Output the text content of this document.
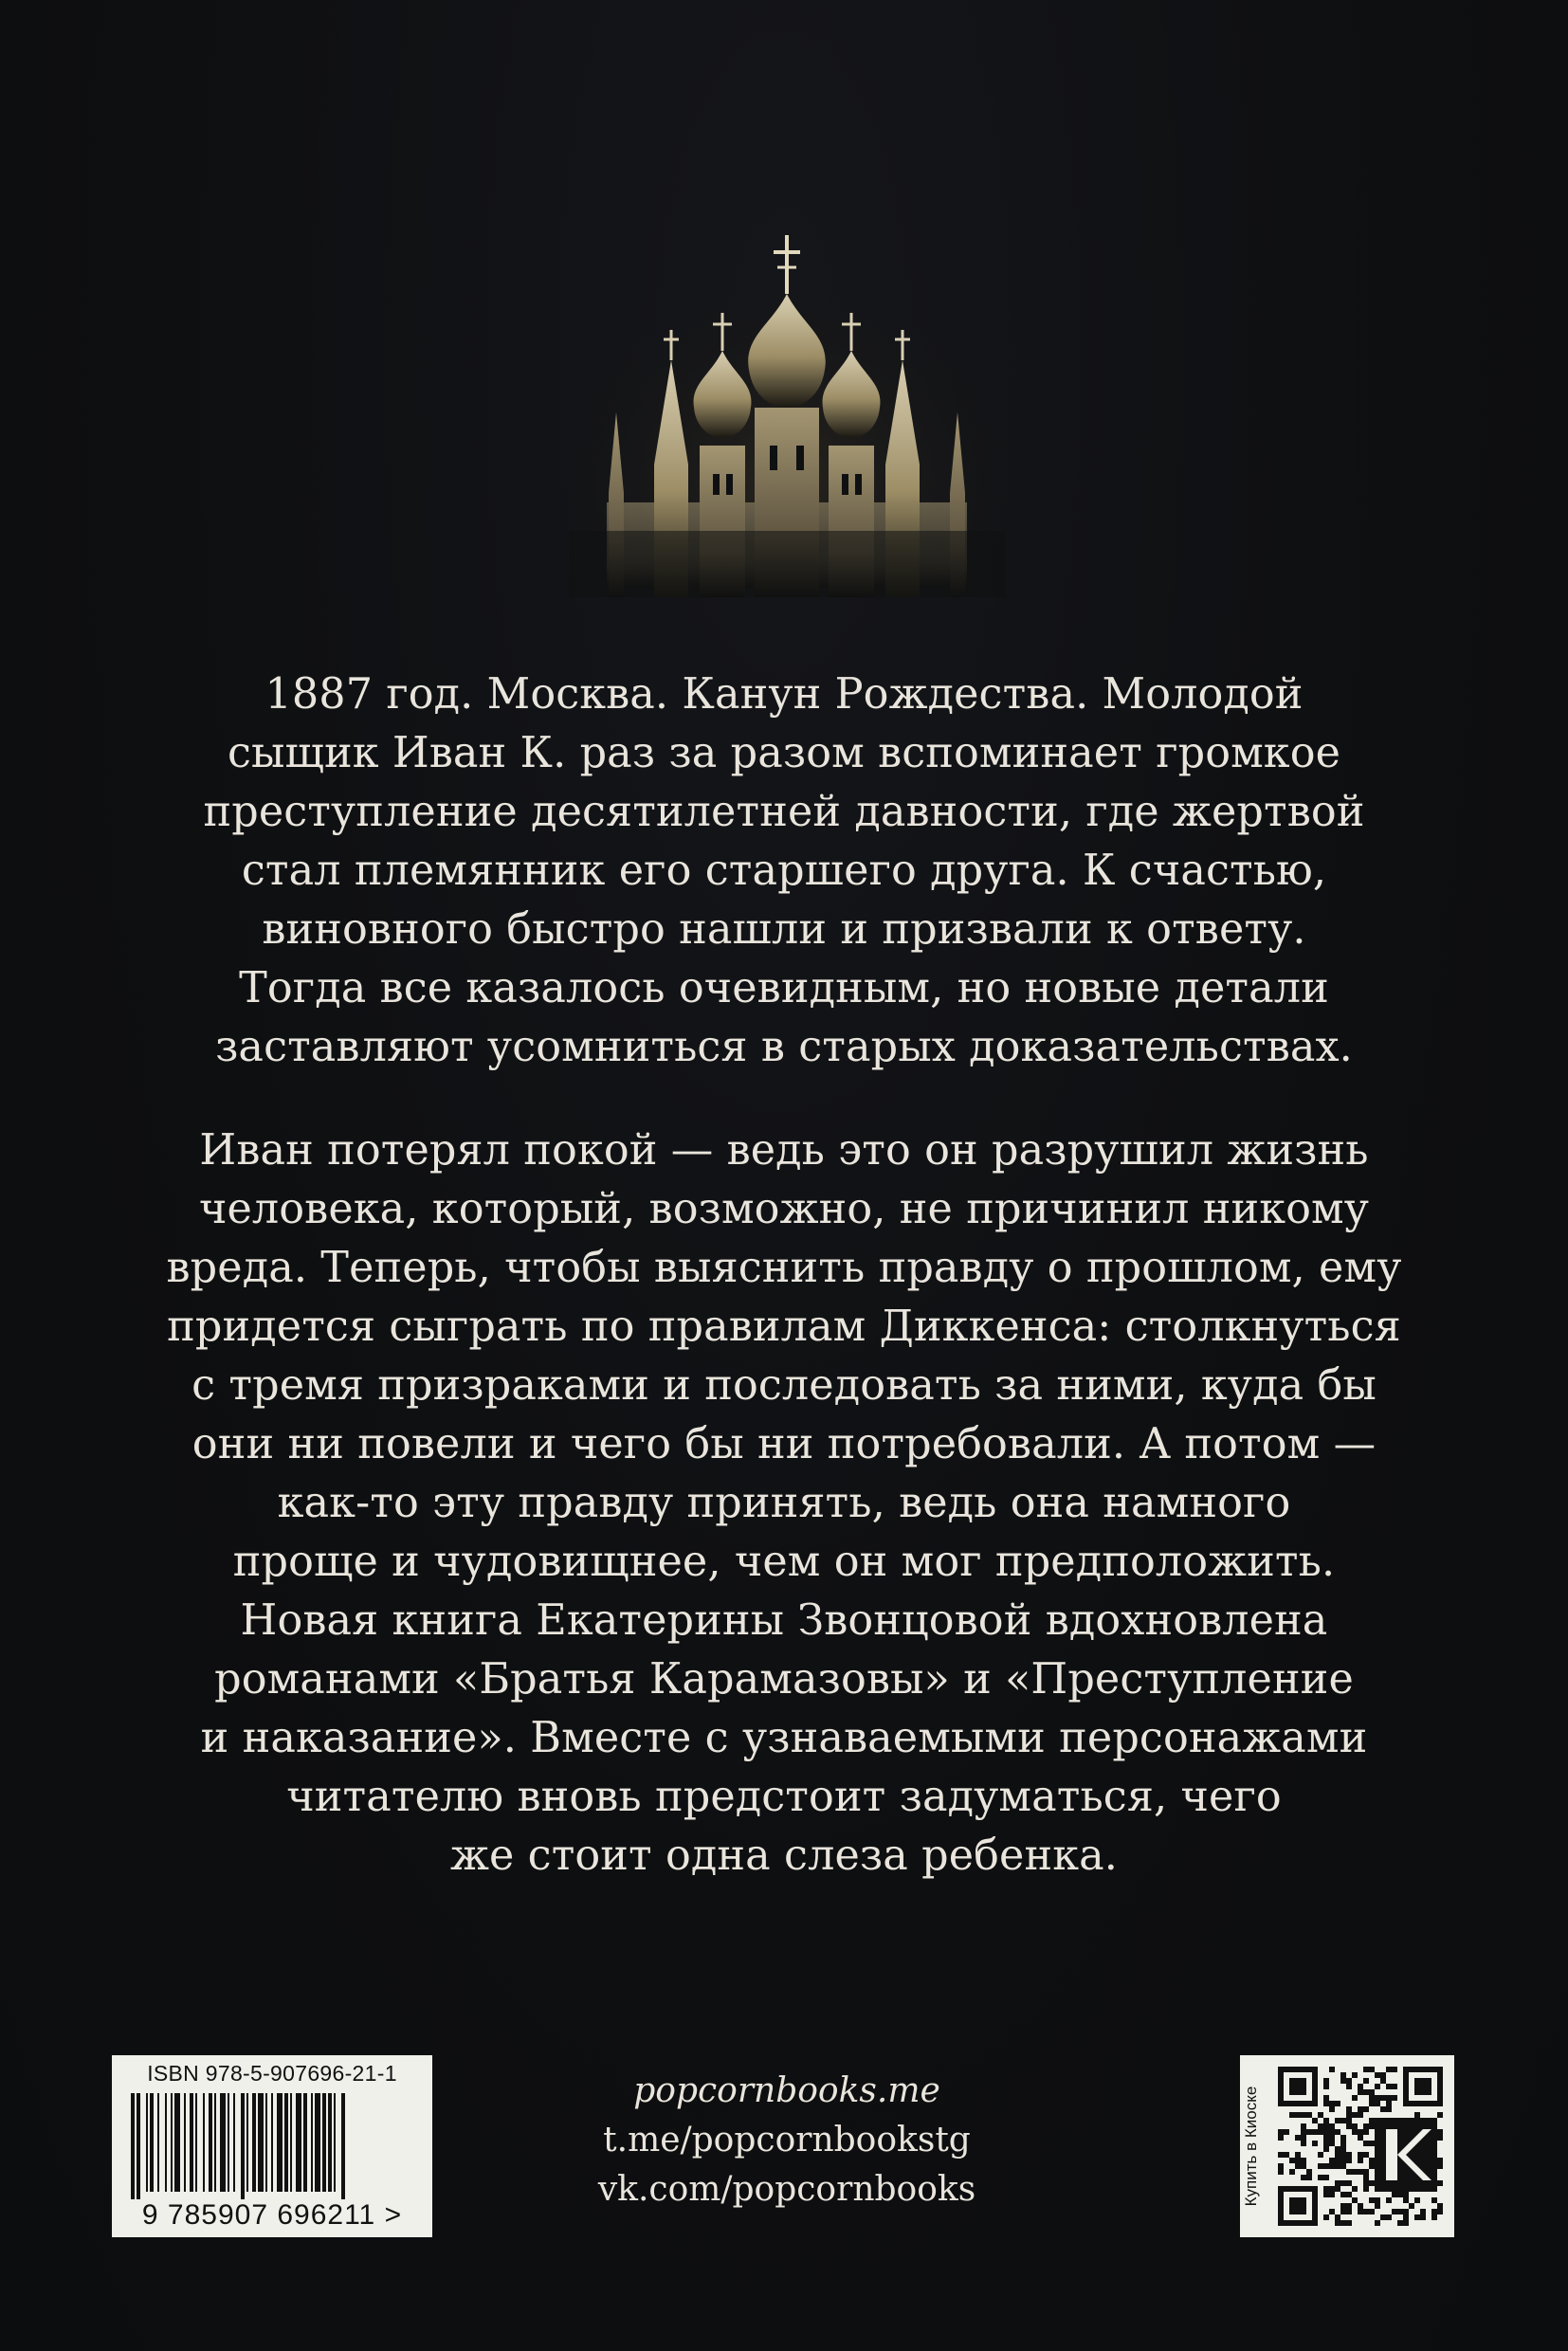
1887 год. Москва. Канун Рождества. Молодой
сыщик Иван К. раз за разом вспоминает громкое
преступление десятилетней давности, где жертвой
стал племянник его старшего друга. К счастью,
виновного быстро нашли и призвали к ответу.
Тогда все казалось очевидным, но новые детали
заставляют усомниться в старых доказательствах.
Иван потерял покой — ведь это он разрушил жизнь
человека, который, возможно, не причинил никому
вреда. Теперь, чтобы выяснить правду о прошлом, ему
придется сыграть по правилам Диккенса: столкнуться
с тремя призраками и последовать за ними, куда бы
они ни повели и чего бы ни потребовали. А потом —
как-то эту правду принять, ведь она намного
проще и чудовищнее, чем он мог предположить.
Новая книга Екатерины Звонцовой вдохновлена
романами «Братья Карамазовы» и «Преступление
и наказание». Вместе с узнаваемыми персонажами
читателю вновь предстоит задуматься, чего
же стоит одна слеза ребенка.
ISBN 978-5-907696-21-1
9 785907 696211 >
popcornbooks.me
t.me/popcornbookstg
vk.com/popcornbooks	Купить в Киоске
